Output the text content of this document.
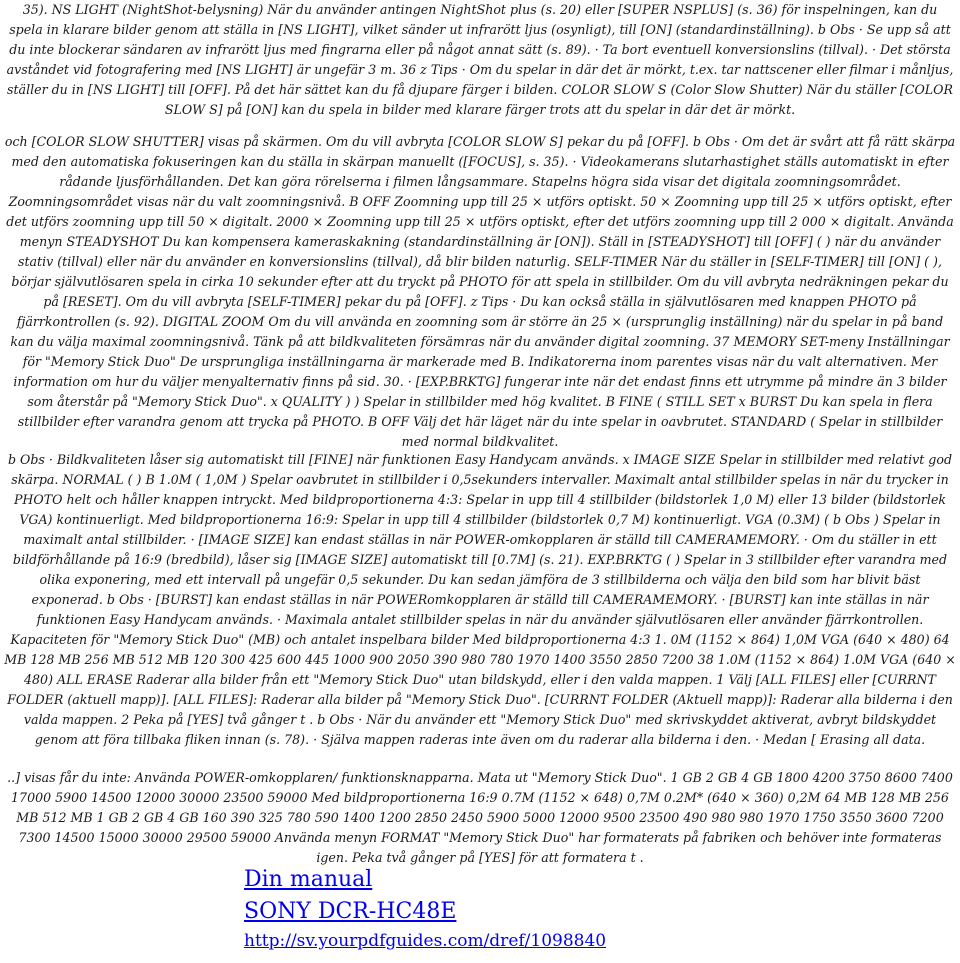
35). NS LIGHT (NightShot-belysning) När du använder antingen NightShot plus (s. 20) eller [SUPER NSPLUS] (s. 36) för inspelningen, kan du spela in klarare bilder genom att ställa in [NS LIGHT], vilket sänder ut infrarött ljus (osynligt), till [ON] (standardinställning). b Obs · Se upp så att du inte blockerar sändaren av infrarött ljus med fingrarna eller på något annat sätt (s. 89). · Ta bort eventuell konversionslins (tillval). · Det största avståndet vid fotografering med [NS LIGHT] är ungefär 3 m. 36 z Tips · Om du spelar in där det är mörkt, t.ex. tar nattscener eller filmar i månljus, ställer du in [NS LIGHT] till [OFF]. På det här sättet kan du få djupare färger i bilden. COLOR SLOW S (Color Slow Shutter) När du ställer [COLOR SLOW S] på [ON] kan du spela in bilder med klarare färger trots att du spelar in där det är mörkt.

och [COLOR SLOW SHUTTER] visas på skärmen. Om du vill avbryta [COLOR SLOW S] pekar du på [OFF]. b Obs · Om det är svårt att få rätt skärpa med den automatiska fokuseringen kan du ställa in skärpan manuellt ([FOCUS], s. 35). · Videokamerans slutarhastighet ställs automatiskt in efter rådande ljusförhållanden. Det kan göra rörelserna i filmen långsammare. Stapelns högra sida visar det digitala zoomningsområdet. Zoomningsområdet visas när du valt zoomningsnivå. B OFF Zoomning upp till 25 × utförs optiskt. 50 × Zoomning upp till 25 × utförs optiskt, efter det utförs zoomning upp till 50 × digitalt. 2000 × Zoomning upp till 25 × utförs optiskt, efter det utförs zoomning upp till 2 000 × digitalt. Använda menyn STEADYSHOT Du kan kompensera kameraskakning (standardinställning är [ON]). Ställ in [STEADYSHOT] till [OFF] ( ) när du använder stativ (tillval) eller när du använder en konversionslins (tillval), då blir bilden naturlig. SELF-TIMER När du ställer in [SELF-TIMER] till [ON] ( ), börjar självutlösaren spela in cirka 10 sekunder efter att du tryckt på PHOTO för att spela in stillbilder. Om du vill avbryta nedräkningen pekar du på [RESET]. Om du vill avbryta [SELF-TIMER] pekar du på [OFF]. z Tips · Du kan också ställa in självutlösaren med knappen PHOTO på fjärrkontrollen (s. 92). DIGITAL ZOOM Om du vill använda en zoomning som är större än 25 × (ursprunglig inställning) när du spelar in på band kan du välja maximal zoomningsnivå. Tänk på att bildkvaliteten försämras när du använder digital zoomning. 37 MEMORY SET-meny Inställningar för "Memory Stick Duo" De ursprungliga inställningarna är markerade med B. Indikatorerna inom parentes visas när du valt alternativen. Mer information om hur du väljer menyalternativ finns på sid. 30. · [EXP.BRKTG] fungerar inte när det endast finns ett utrymme på mindre än 3 bilder som återstår på "Memory Stick Duo". x QUALITY ) ) Spelar in stillbilder med hög kvalitet. B FINE ( STILL SET x BURST Du kan spela in flera stillbilder efter varandra genom att trycka på PHOTO. B OFF Välj det här läget när du inte spelar in oavbrutet. STANDARD ( Spelar in stillbilder med normal bildkvalitet.

b Obs · Bildkvaliteten låser sig automatiskt till [FINE] när funktionen Easy Handycam används. x IMAGE SIZE Spelar in stillbilder med relativt god skärpa. NORMAL ( ) B 1.0M ( 1,0M ) Spelar oavbrutet in stillbilder i 0,5sekunders intervaller. Maximalt antal stillbilder spelas in när du trycker in PHOTO helt och håller knappen intryckt. Med bildproportionerna 4:3: Spelar in upp till 4 stillbilder (bildstorlek 1,0 M) eller 13 bilder (bildstorlek VGA) kontinuerligt. Med bildproportionerna 16:9: Spelar in upp till 4 stillbilder (bildstorlek 0,7 M) kontinuerligt. VGA (0.3M) ( b Obs ) Spelar in maximalt antal stillbilder. · [IMAGE SIZE] kan endast ställas in när POWER-omkopplaren är ställd till CAMERAMEMORY. · Om du ställer in ett bildförhållande på 16:9 (bredbild), låser sig [IMAGE SIZE] automatiskt till [0.7M] (s. 21). EXP.BRKTG ( ) Spelar in 3 stillbilder efter varandra med olika exponering, med ett intervall på ungefär 0,5 sekunder. Du kan sedan jämföra de 3 stillbilderna och välja den bild som har blivit bäst exponerad. b Obs · [BURST] kan endast ställas in när POWERomkopplaren är ställd till CAMERAMEMORY. · [BURST] kan inte ställas in när funktionen Easy Handycam används. · Maximala antalet stillbilder spelas in när du använder självutlösaren eller använder fjärrkontrollen. Kapaciteten för "Memory Stick Duo" (MB) och antalet inspelbara bilder Med bildproportionerna 4:3 1. 0M (1152 × 864) 1,0M VGA (640 × 480) 64 MB 128 MB 256 MB 512 MB 120 300 425 600 445 1000 900 2050 390 980 780 1970 1400 3550 2850 7200 38 1.0M (1152 × 864) 1.0M VGA (640 × 480) ALL ERASE Raderar alla bilder från ett "Memory Stick Duo" utan bildskydd, eller i den valda mappen. 1 Välj [ALL FILES] eller [CURRNT FOLDER (aktuell mapp)]. [ALL FILES]: Raderar alla bilder på "Memory Stick Duo". [CURRNT FOLDER (Aktuell mapp)]: Raderar alla bilderna i den valda mappen. 2 Peka på [YES] två gånger t . b Obs · När du använder ett "Memory Stick Duo" med skrivskyddet aktiverat, avbryt bildskyddet genom att föra tillbaka fliken innan (s. 78). · Själva mappen raderas inte även om du raderar alla bilderna i den. · Medan [ Erasing all data.

..] visas får du inte: Använda POWER-omkopplaren/ funktionsknapparna. Mata ut "Memory Stick Duo". 1 GB 2 GB 4 GB 1800 4200 3750 8600 7400 17000 5900 14500 12000 30000 23500 59000 Med bildproportionerna 16:9 0.7M (1152 × 648) 0,7M 0.2M* (640 × 360) 0,2M 64 MB 128 MB 256 MB 512 MB 1 GB 2 GB 4 GB 160 390 325 780 590 1400 1200 2850 2450 5900 5000 12000 9500 23500 490 980 980 1970 1750 3550 3600 7200 7300 14500 15000 30000 29500 59000 Använda menyn FORMAT "Memory Stick Duo" har formaterats på fabriken och behöver inte formateras igen. Peka två gånger på [YES] för att formatera t .

Din manual
SONY DCR-HC48E
http://sv.yourpdfguides.com/dref/1098840
